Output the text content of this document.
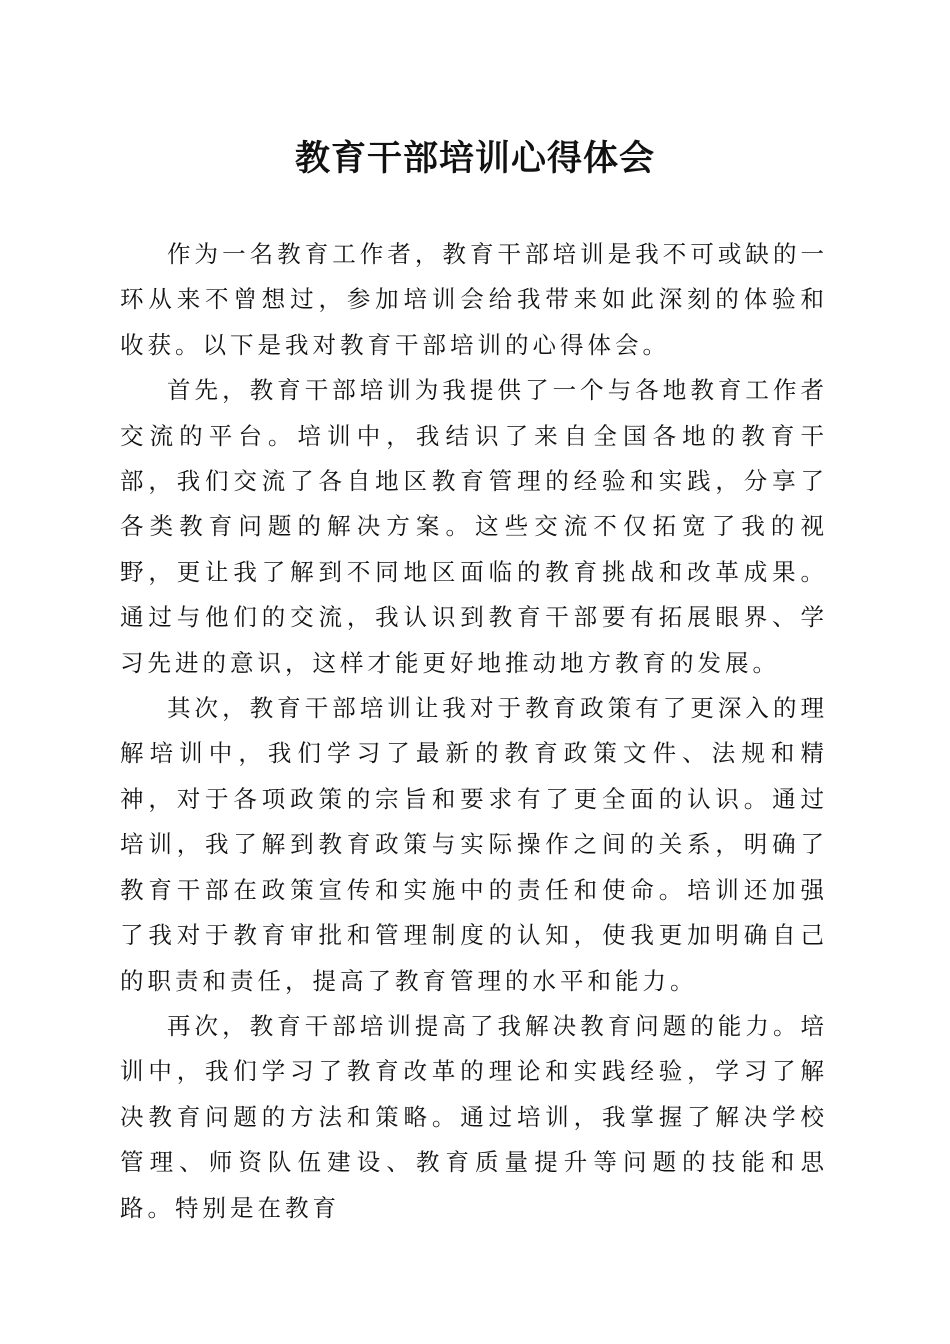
教育干部培训心得体会

作为一名教育工作者，教育干部培训是我不可或缺的一环从来不曾想过，参加培训会给我带来如此深刻的体验和收获。以下是我对教育干部培训的心得体会。

首先，教育干部培训为我提供了一个与各地教育工作者交流的平台。培训中，我结识了来自全国各地的教育干部，我们交流了各自地区教育管理的经验和实践，分享了各类教育问题的解决方案。这些交流不仅拓宽了我的视野，更让我了解到不同地区面临的教育挑战和改革成果。通过与他们的交流，我认识到教育干部要有拓展眼界、学习先进的意识，这样才能更好地推动地方教育的发展。

其次，教育干部培训让我对于教育政策有了更深入的理解培训中，我们学习了最新的教育政策文件、法规和精神，对于各项政策的宗旨和要求有了更全面的认识。通过培训，我了解到教育政策与实际操作之间的关系，明确了教育干部在政策宣传和实施中的责任和使命。培训还加强了我对于教育审批和管理制度的认知，使我更加明确自己的职责和责任，提高了教育管理的水平和能力。

再次，教育干部培训提高了我解决教育问题的能力。培训中，我们学习了教育改革的理论和实践经验，学习了解决教育问题的方法和策略。通过培训，我掌握了解决学校管理、师资队伍建设、教育质量提升等问题的技能和思路。特别是在教育
